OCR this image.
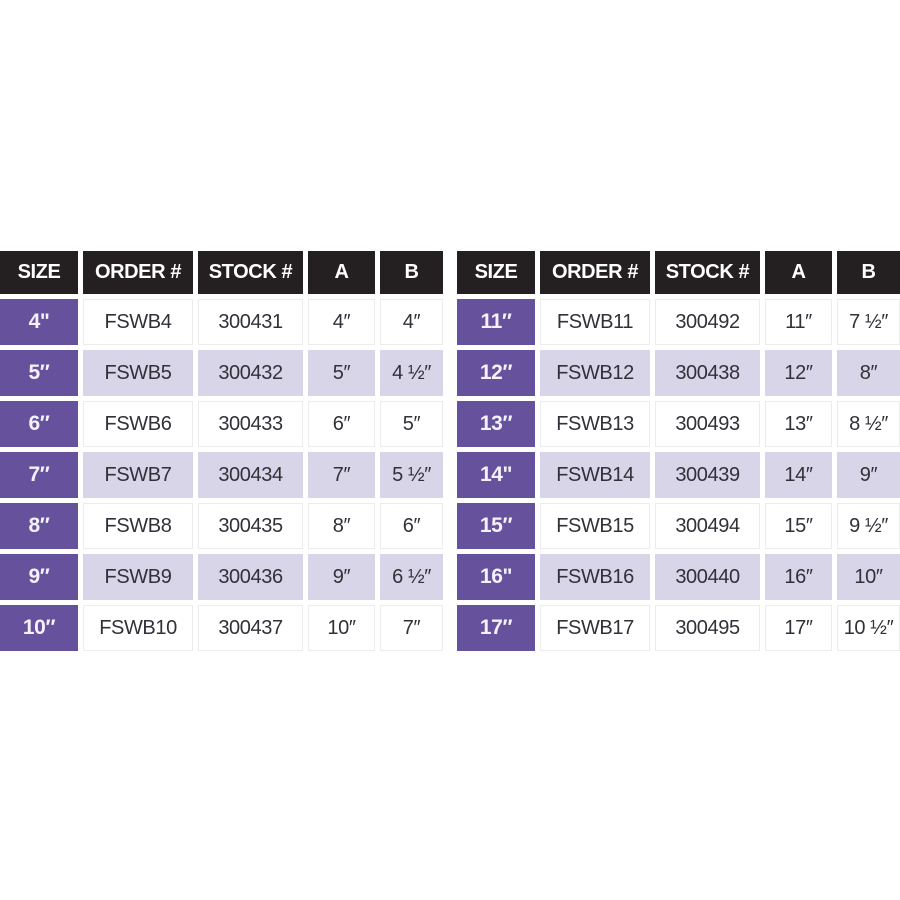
SIZE	ORDER #	STOCK #	A	B
4"	FSWB4	300431	4″	4″
5″	FSWB5	300432	5″	4 ½″
6″	FSWB6	300433	6″	5″
7″	FSWB7	300434	7″	5 ½″
8″	FSWB8	300435	8″	6″
9″	FSWB9	300436	9″	6 ½″
10″	FSWB10	300437	10″	7″
SIZE	ORDER #	STOCK #	A	B
11″	FSWB11	300492	11″	7 ½″
12″	FSWB12	300438	12″	8″
13″	FSWB13	300493	13″	8 ½″
14"	FSWB14	300439	14″	9″
15″	FSWB15	300494	15″	9 ½″
16"	FSWB16	300440	16″	10″
17″	FSWB17	300495	17″	10 ½″
